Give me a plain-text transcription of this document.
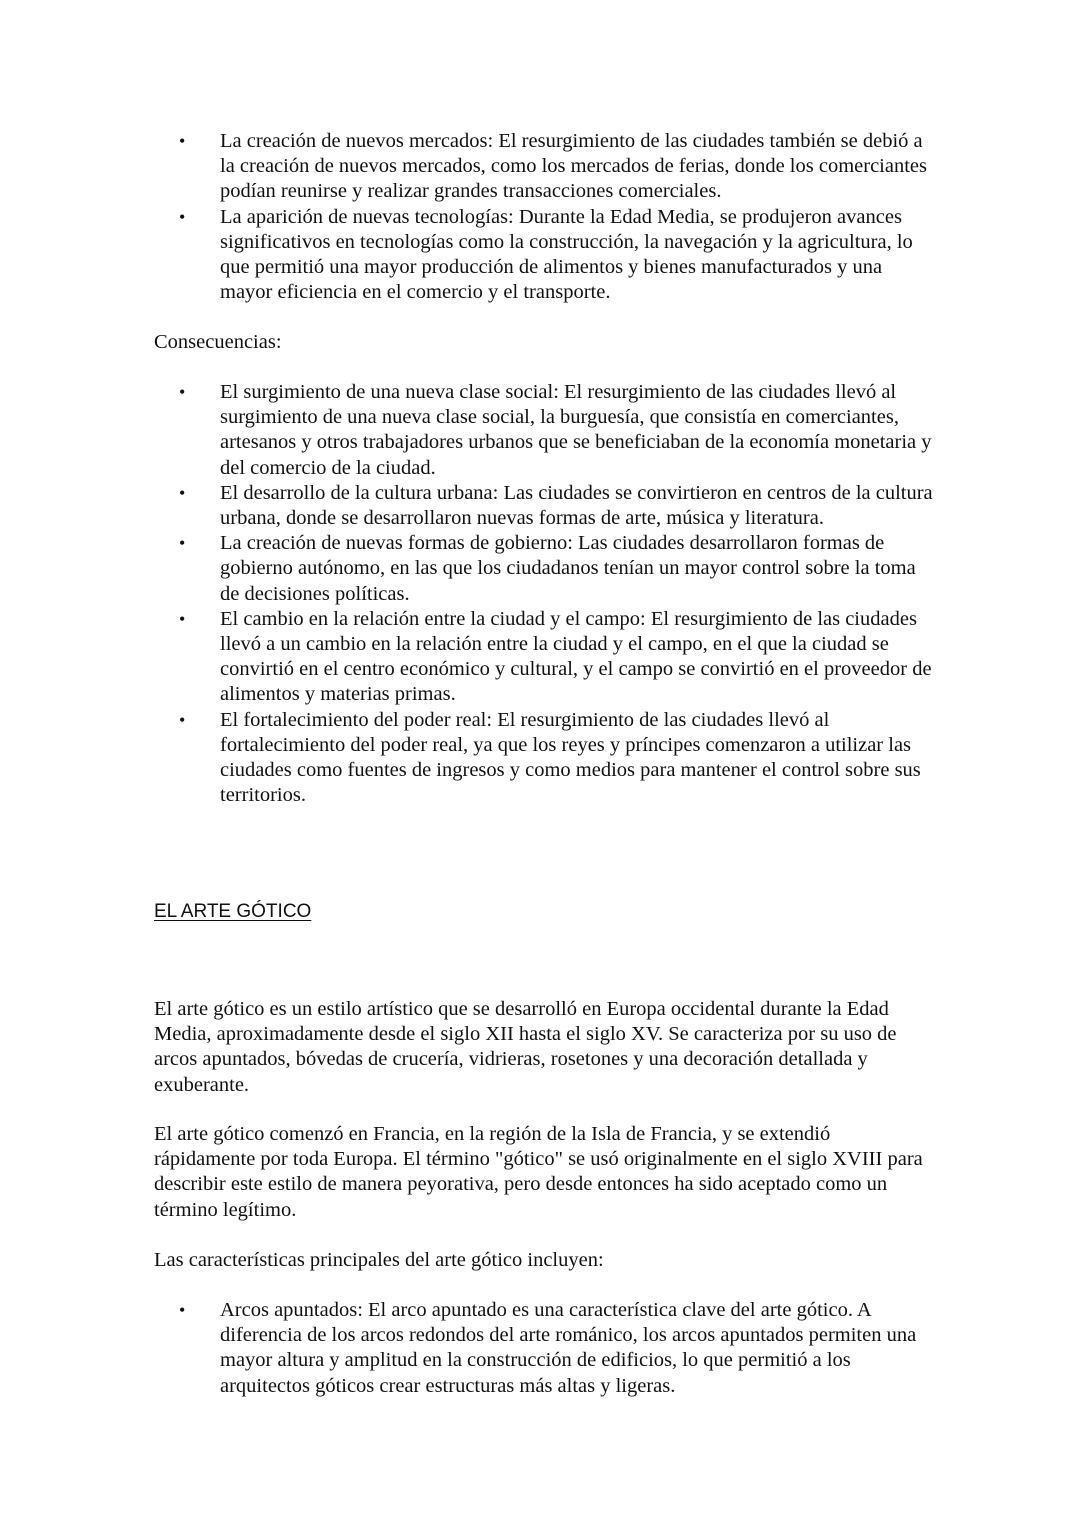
• La creación de nuevos mercados: El resurgimiento de las ciudades también se debió a la creación de nuevos mercados, como los mercados de ferias, donde los comerciantes podían reunirse y realizar grandes transacciones comerciales.
• La aparición de nuevas tecnologías: Durante la Edad Media, se produjeron avances significativos en tecnologías como la construcción, la navegación y la agricultura, lo que permitió una mayor producción de alimentos y bienes manufacturados y una mayor eficiencia en el comercio y el transporte.

Consecuencias:

• El surgimiento de una nueva clase social: El resurgimiento de las ciudades llevó al surgimiento de una nueva clase social, la burguesía, que consistía en comerciantes, artesanos y otros trabajadores urbanos que se beneficiaban de la economía monetaria y del comercio de la ciudad.
• El desarrollo de la cultura urbana: Las ciudades se convirtieron en centros de la cultura urbana, donde se desarrollaron nuevas formas de arte, música y literatura.
• La creación de nuevas formas de gobierno: Las ciudades desarrollaron formas de gobierno autónomo, en las que los ciudadanos tenían un mayor control sobre la toma de decisiones políticas.
• El cambio en la relación entre la ciudad y el campo: El resurgimiento de las ciudades llevó a un cambio en la relación entre la ciudad y el campo, en el que la ciudad se convirtió en el centro económico y cultural, y el campo se convirtió en el proveedor de alimentos y materias primas.
• El fortalecimiento del poder real: El resurgimiento de las ciudades llevó al fortalecimiento del poder real, ya que los reyes y príncipes comenzaron a utilizar las ciudades como fuentes de ingresos y como medios para mantener el control sobre sus territorios.
EL ARTE GÓTICO

El arte gótico es un estilo artístico que se desarrolló en Europa occidental durante la Edad Media, aproximadamente desde el siglo XII hasta el siglo XV. Se caracteriza por su uso de arcos apuntados, bóvedas de crucería, vidrieras, rosetones y una decoración detallada y exuberante.

El arte gótico comenzó en Francia, en la región de la Isla de Francia, y se extendió rápidamente por toda Europa. El término "gótico" se usó originalmente en el siglo XVIII para describir este estilo de manera peyorativa, pero desde entonces ha sido aceptado como un término legítimo.

Las características principales del arte gótico incluyen:

• Arcos apuntados: El arco apuntado es una característica clave del arte gótico. A diferencia de los arcos redondos del arte románico, los arcos apuntados permiten una mayor altura y amplitud en la construcción de edificios, lo que permitió a los arquitectos góticos crear estructuras más altas y ligeras.
